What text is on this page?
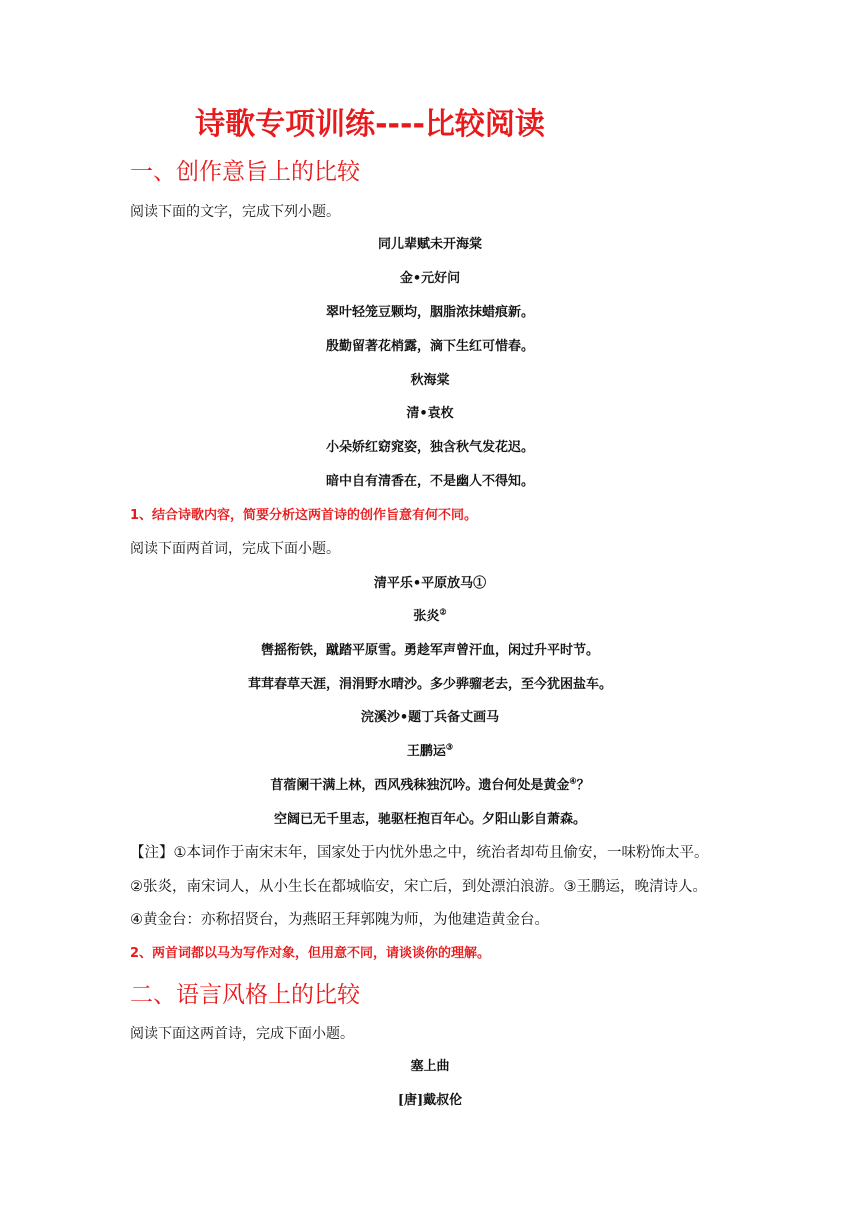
诗歌专项训练----比较阅读
一、创作意旨上的比较
阅读下面的文字，完成下列小题。
同儿辈赋未开海棠
金•元好问
翠叶轻笼豆颗均，胭脂浓抹蜡痕新。
殷勤留著花梢露，滴下生红可惜春。
秋海棠
清•袁枚
小朵娇红窈窕姿，独含秋气发花迟。
暗中自有清香在，不是幽人不得知。
1、结合诗歌内容，简要分析这两首诗的创作旨意有何不同。
阅读下面两首词，完成下面小题。
清平乐•平原放马①
张炎②
辔摇衔铁，蹴踏平原雪。勇趁军声曾汗血，闲过升平时节。
茸茸春草天涯，涓涓野水晴沙。多少骅骝老去，至今犹困盐车。
浣溪沙•题丁兵备丈画马
王鹏运③
苜蓿阑干满上林，西风残秣独沉吟。遗台何处是黄金④？
空阔已无千里志，驰驱枉抱百年心。夕阳山影自萧森。
【注】①本词作于南宋末年，国家处于内忧外患之中，统治者却苟且偷安，一味粉饰太平。
②张炎，南宋词人，从小生长在都城临安，宋亡后，到处漂泊浪游。③王鹏运，晚清诗人。
④黄金台：亦称招贤台，为燕昭王拜郭隗为师，为他建造黄金台。
2、两首词都以马为写作对象，但用意不同，请谈谈你的理解。
二、语言风格上的比较
阅读下面这两首诗，完成下面小题。
塞上曲
[唐]戴叔伦
